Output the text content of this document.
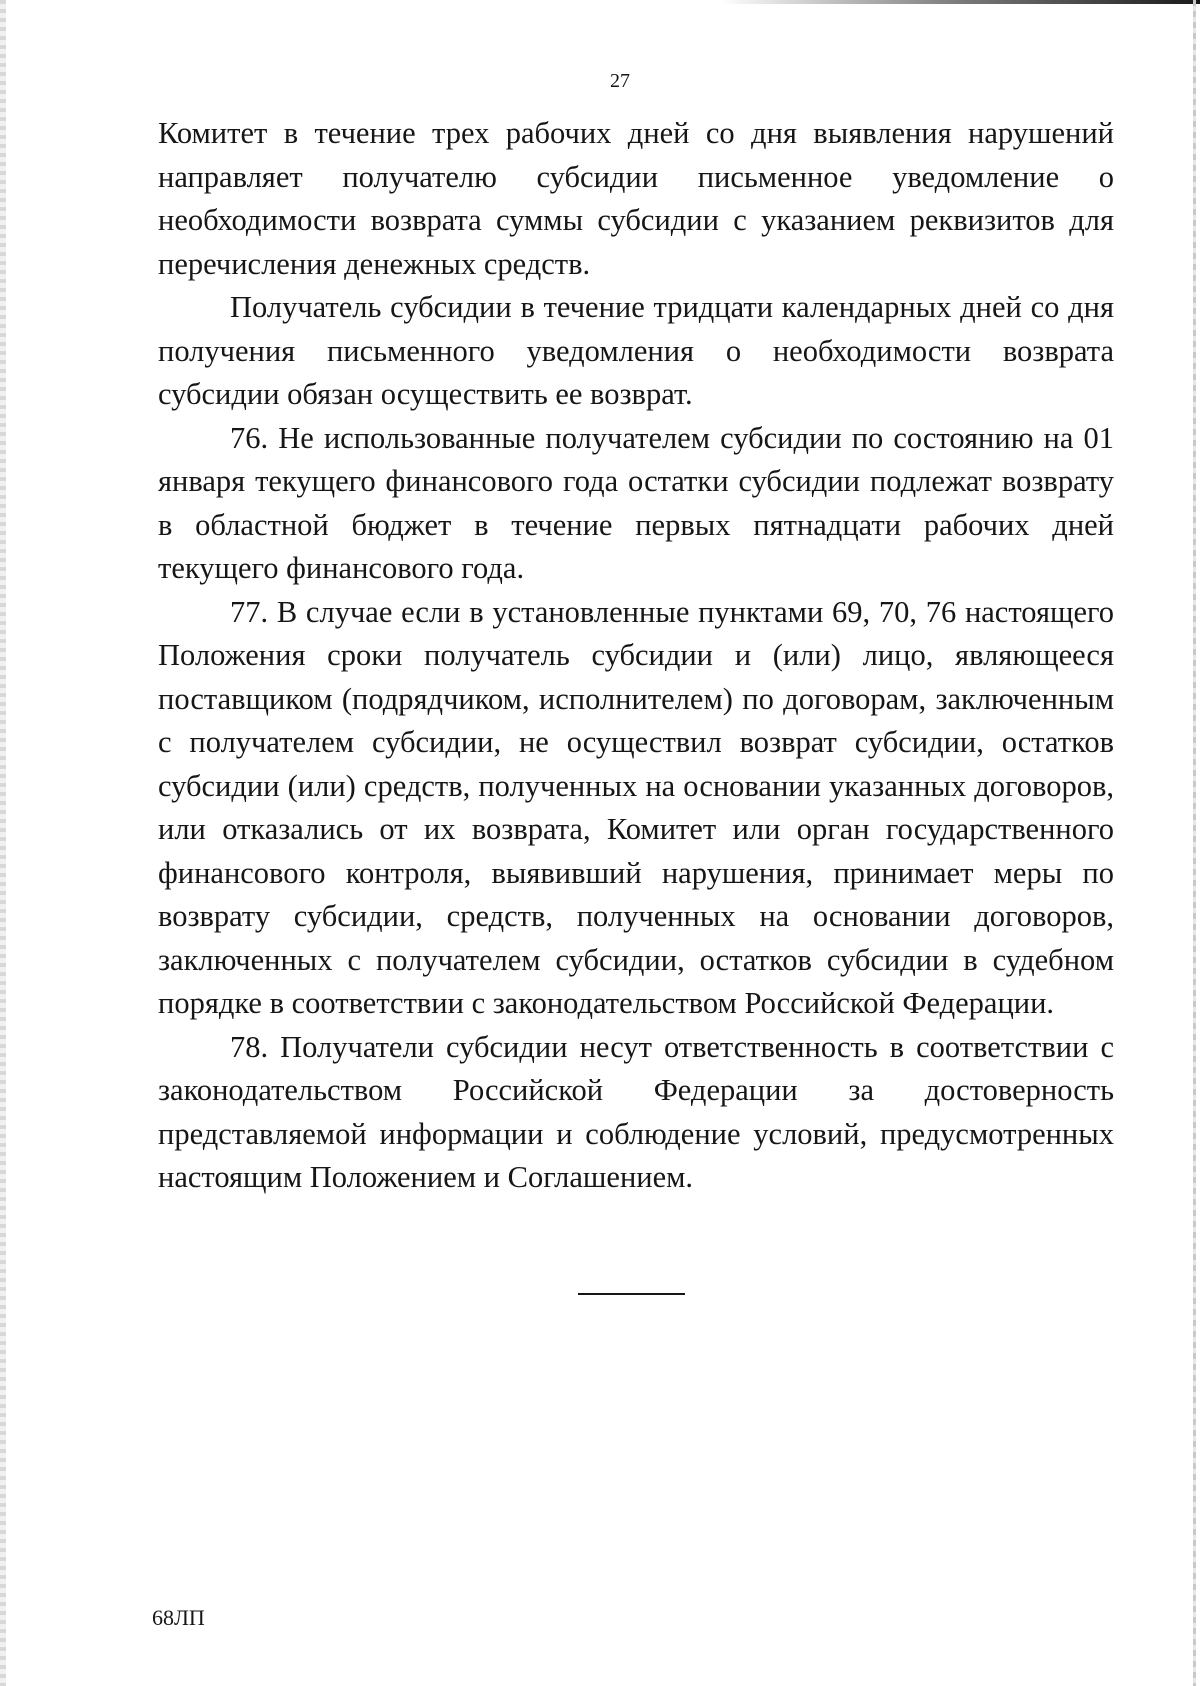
27

Комитет в течение трех рабочих дней со дня выявления нарушений направляет получателю субсидии письменное уведомление о необходимости возврата суммы субсидии с указанием реквизитов для перечисления денежных средств.

Получатель субсидии в течение тридцати календарных дней со дня получения письменного уведомления о необходимости возврата субсидии обязан осуществить ее возврат.

76. Не использованные получателем субсидии по состоянию на 01 января текущего финансового года остатки субсидии подлежат возврату в областной бюджет в течение первых пятнадцати рабочих дней текущего финансового года.

77. В случае если в установленные пунктами 69, 70, 76 настоящего Положения сроки получатель субсидии и (или) лицо, являющееся поставщиком (подрядчиком, исполнителем) по договорам, заключенным с получателем субсидии, не осуществил возврат субсидии, остатков субсидии (или) средств, полученных на основании указанных договоров, или отказались от их возврата, Комитет или орган государственного финансового контроля, выявивший нарушения, принимает меры по возврату субсидии, средств, полученных на основании договоров, заключенных с получателем субсидии, остатков субсидии в судебном порядке в соответствии с законодательством Российской Федерации.

78. Получатели субсидии несут ответственность в соответствии с законодательством Российской Федерации за достоверность представляемой информации и соблюдение условий, предусмотренных настоящим Положением и Соглашением.

68ЛП
